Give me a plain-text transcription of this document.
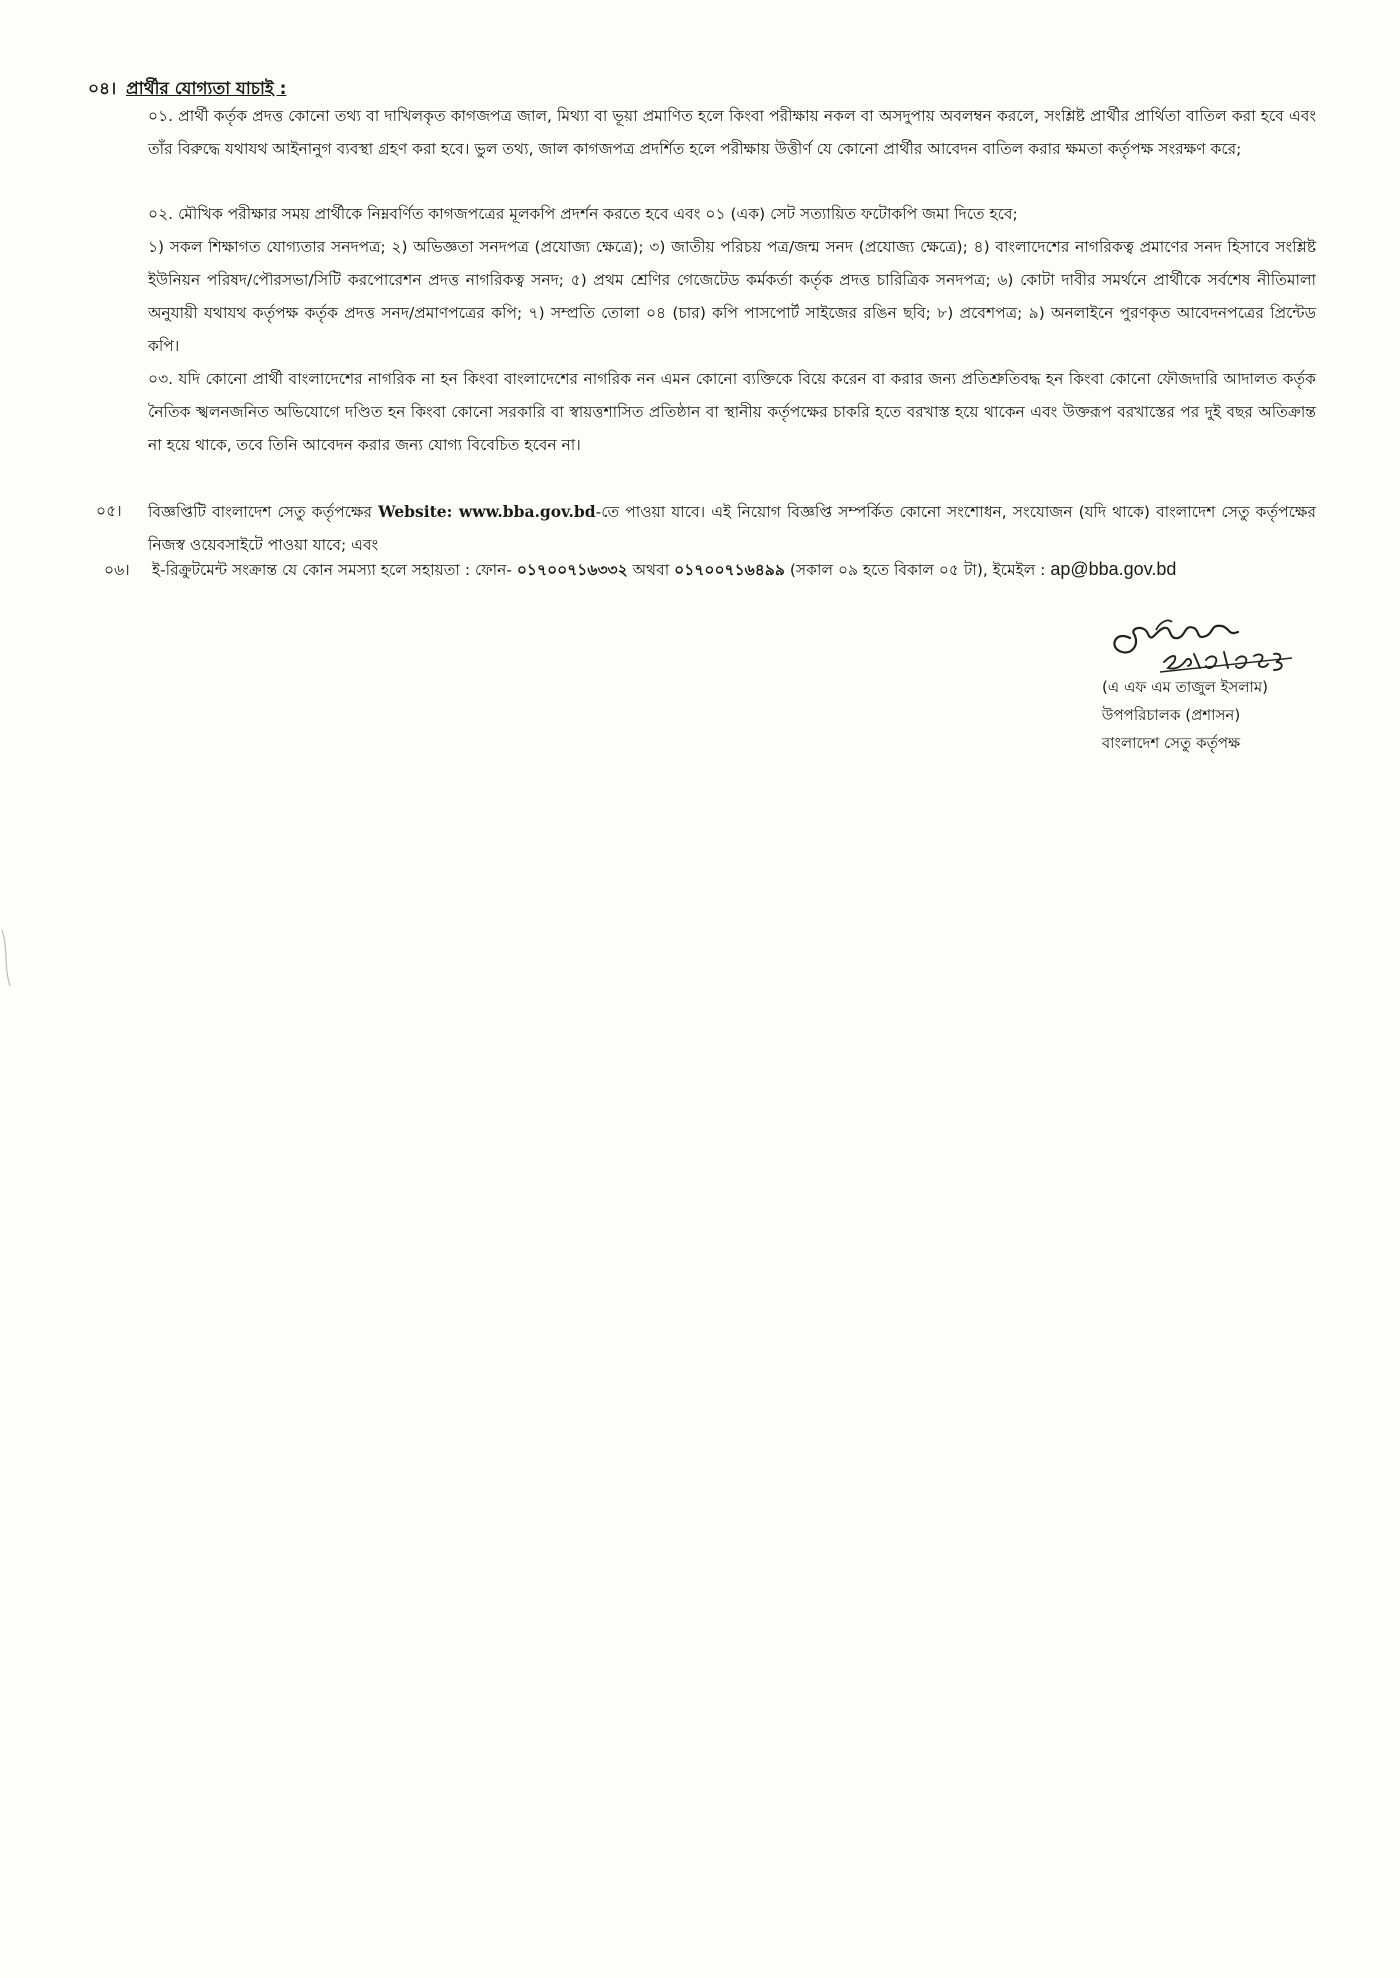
০৪। প্রার্থীর যোগ্যতা যাচাই :
০১. প্রার্থী কর্তৃক প্রদত্ত কোনো তথ্য বা দাখিলকৃত কাগজপত্র জাল, মিথ্যা বা ভূয়া প্রমাণিত হলে কিংবা পরীক্ষায় নকল বা অসদুপায় অবলম্বন করলে, সংশ্লিষ্ট প্রার্থীর প্রার্থিতা বাতিল করা হবে এবং তাঁর বিরুদ্ধে যথাযথ আইনানুগ ব্যবস্থা গ্রহণ করা হবে। ভুল তথ্য, জাল কাগজপত্র প্রদর্শিত হলে পরীক্ষায় উত্তীর্ণ যে কোনো প্রার্থীর আবেদন বাতিল করার ক্ষমতা কর্তৃপক্ষ সংরক্ষণ করে;
০২. মৌখিক পরীক্ষার সময় প্রার্থীকে নিম্নবর্ণিত কাগজপত্রের মূলকপি প্রদর্শন করতে হবে এবং ০১ (এক) সেট সত্যায়িত ফটোকপি জমা দিতে হবে;
১) সকল শিক্ষাগত যোগ্যতার সনদপত্র; ২) অভিজ্ঞতা সনদপত্র (প্রযোজ্য ক্ষেত্রে); ৩) জাতীয় পরিচয় পত্র/জন্ম সনদ (প্রযোজ্য ক্ষেত্রে); ৪) বাংলাদেশের নাগরিকত্ব প্রমাণের সনদ হিসাবে সংশ্লিষ্ট ইউনিয়ন পরিষদ/পৌরসভা/সিটি করপোরেশন প্রদত্ত নাগরিকত্ব সনদ; ৫) প্রথম শ্রেণির গেজেটেড কর্মকর্তা কর্তৃক প্রদত্ত চারিত্রিক সনদপত্র; ৬) কোটা দাবীর সমর্থনে প্রার্থীকে সর্বশেষ নীতিমালা অনুযায়ী যথাযথ কর্তৃপক্ষ কর্তৃক প্রদত্ত সনদ/প্রমাণপত্রের কপি; ৭) সম্প্রতি তোলা ০৪ (চার) কপি পাসপোর্ট সাইজের রঙিন ছবি; ৮) প্রবেশপত্র; ৯) অনলাইনে পুরণকৃত আবেদনপত্রের প্রিন্টেড কপি।
০৩. যদি কোনো প্রার্থী বাংলাদেশের নাগরিক না হন কিংবা বাংলাদেশের নাগরিক নন এমন কোনো ব্যক্তিকে বিয়ে করেন বা করার জন্য প্রতিশ্রুতিবদ্ধ হন কিংবা কোনো ফৌজদারি আদালত কর্তৃক নৈতিক স্খলনজনিত অভিযোগে দণ্ডিত হন কিংবা কোনো সরকারি বা স্বায়ত্তশাসিত প্রতিষ্ঠান বা স্থানীয় কর্তৃপক্ষের চাকরি হতে বরখাস্ত হয়ে থাকেন এবং উক্তরূপ বরখাস্তের পর দুই বছর অতিক্রান্ত না হয়ে থাকে, তবে তিনি আবেদন করার জন্য যোগ্য বিবেচিত হবেন না।
০৫।	বিজ্ঞপ্তিটি বাংলাদেশ সেতু কর্তৃপক্ষের Website: www.bba.gov.bd-তে পাওয়া যাবে। এই নিয়োগ বিজ্ঞপ্তি সম্পর্কিত কোনো সংশোধন, সংযোজন (যদি থাকে) বাংলাদেশ সেতু কর্তৃপক্ষের নিজস্ব ওয়েবসাইটে পাওয়া যাবে; এবং
০৬। ই-রিক্রুটমেন্ট সংক্রান্ত যে কোন সমস্যা হলে সহায়তা : ফোন- ০১৭০০৭১৬৩৩২ অথবা ০১৭০০৭১৬৪৯৯ (সকাল ০৯ হতে বিকাল ০৫ টা), ইমেইল : ap@bba.gov.bd
(এ এফ এম তাজুল ইসলাম)
উপপরিচালক (প্রশাসন)
বাংলাদেশ সেতু কর্তৃপক্ষ
